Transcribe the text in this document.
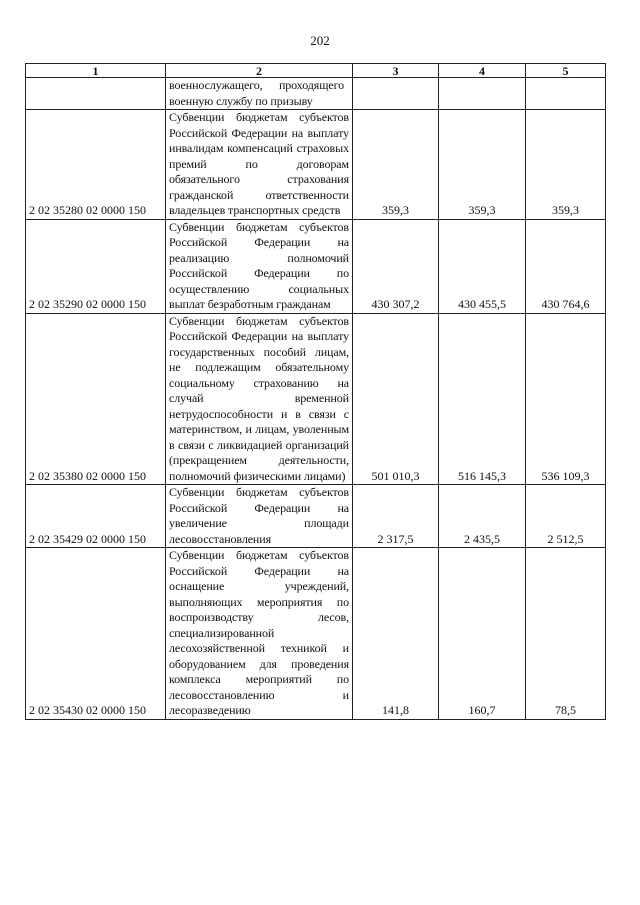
202
1	2	3	4	5
	военнослужащего, проходящего военную службу по призыву			
2 02 35280 02 0000 150	Субвенции бюджетам субъектов Российской Федерации на выплату инвалидам компенсаций страховых премий по договорам обязательного страхования гражданской ответственности владельцев транспортных средств	359,3	359,3	359,3
2 02 35290 02 0000 150	Субвенции бюджетам субъектов Российской Федерации на реализацию полномочий Российской Федерации по осуществлению социальных выплат безработным гражданам	430 307,2	430 455,5	430 764,6
2 02 35380 02 0000 150	Субвенции бюджетам субъектов Российской Федерации на выплату государственных пособий лицам, не подлежащим обязательному социальному страхованию на случай временной нетрудоспособности и в связи с материнством, и лицам, уволенным в связи с ликвидацией организаций (прекращением деятельности, полномочий физическими лицами)	501 010,3	516 145,3	536 109,3
2 02 35429 02 0000 150	Субвенции бюджетам субъектов Российской Федерации на увеличение площади лесовосстановления	2 317,5	2 435,5	2 512,5
2 02 35430 02 0000 150	Субвенции бюджетам субъектов Российской Федерации на оснащение учреждений, выполняющих мероприятия по воспроизводству лесов, специализированной лесохозяйственной техникой и оборудованием для проведения комплекса мероприятий по лесовосстановлению и лесоразведению	141,8	160,7	78,5
